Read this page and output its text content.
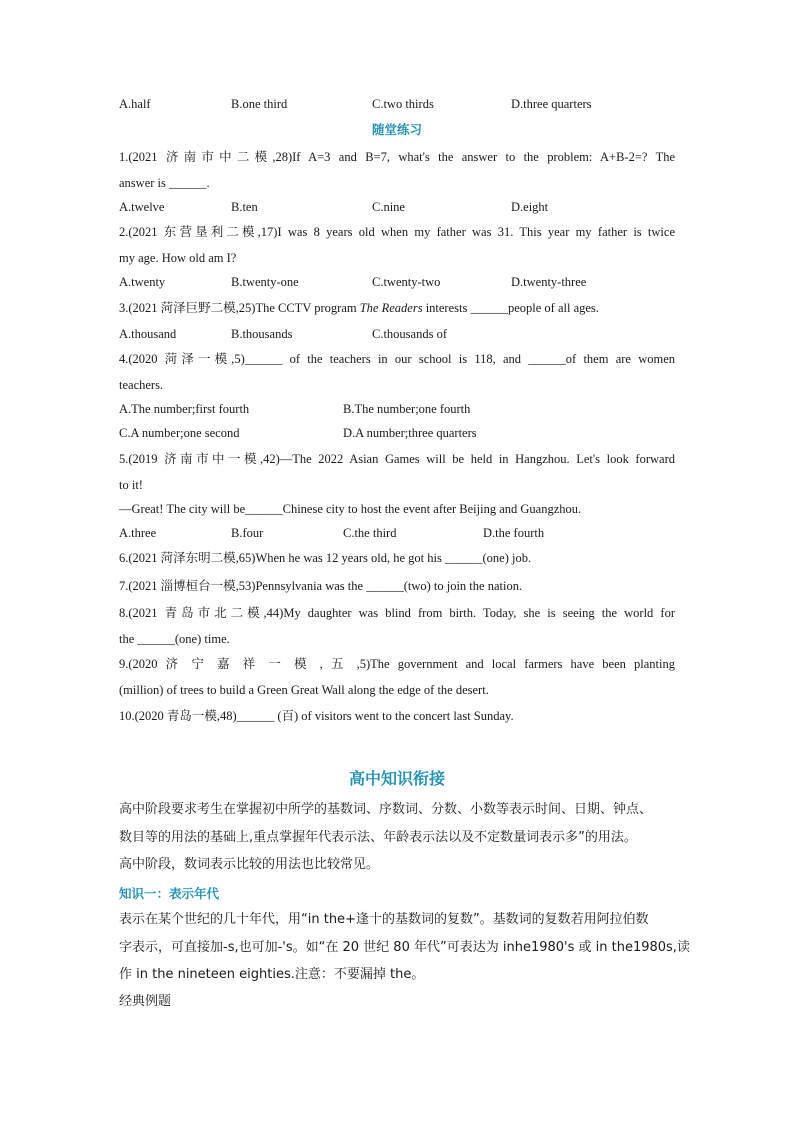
A.half	B.one third	C.two thirds	D.three quarters
随堂练习
1.(2021 济南市中二模,28)If A=3 and B=7, what's the answer to the problem: A+B-2=? The
answer is ______.
A.twelve	B.ten	C.nine	D.eight
2.(2021 东营垦利二模,17)I was 8 years old when my father was 31. This year my father is twice
my age. How old am I?
A.twenty	B.twenty-one	C.twenty-two	D.twenty-three
3.(2021 菏泽巨野二模,25)The CCTV program The Readers interests ______people of all ages.
A.thousand	B.thousands	C.thousands of
4.(2020 菏泽一模,5)______ of the teachers in our school is 118, and ______of them are women
teachers.
A.The number;first fourth	B.The number;one fourth
C.A number;one second	D.A number;three quarters
5.(2019 济南市中一模,42)—The 2022 Asian Games will be held in Hangzhou. Let's look forward
to it!
—Great! The city will be______Chinese city to host the event after Beijing and Guangzhou.
A.three	B.four	C.the third	D.the fourth
6.(2021 菏泽东明二模,65)When he was 12 years old, he got his ______(one) job.
7.(2021 淄博桓台一模,53)Pennsylvania was the ______(two) to join the nation.
8.(2021 青岛市北二模,44)My daughter was blind from birth. Today, she is seeing the world for
the ______(one) time.
9.(2020 济 宁 嘉 祥 一 模 , 五 ,5)The government and local farmers have been planting
(million) of trees to build a Green Great Wall along the edge of the desert.
10.(2020 青岛一模,48)______ (百) of visitors went to the concert last Sunday.
高中知识衔接
高中阶段要求考生在掌握初中所学的基数词、序数词、分数、小数等表示时间、日期、钟点、
数目等的用法的基础上,重点掌握年代表示法、年龄表示法以及不定数量词表示多”的用法。
高中阶段，数词表示比较的用法也比较常见。
知识一：表示年代
表示在某个世纪的几十年代，用“in the+逢十的基数词的复数”。基数词的复数若用阿拉伯数
字表示，可直接加-s,也可加-'s。如“在 20 世纪 80 年代”可表达为 inhe1980's 或 in the1980s,读
作 in the nineteen eighties.注意：不要漏掉 the。
经典例题
